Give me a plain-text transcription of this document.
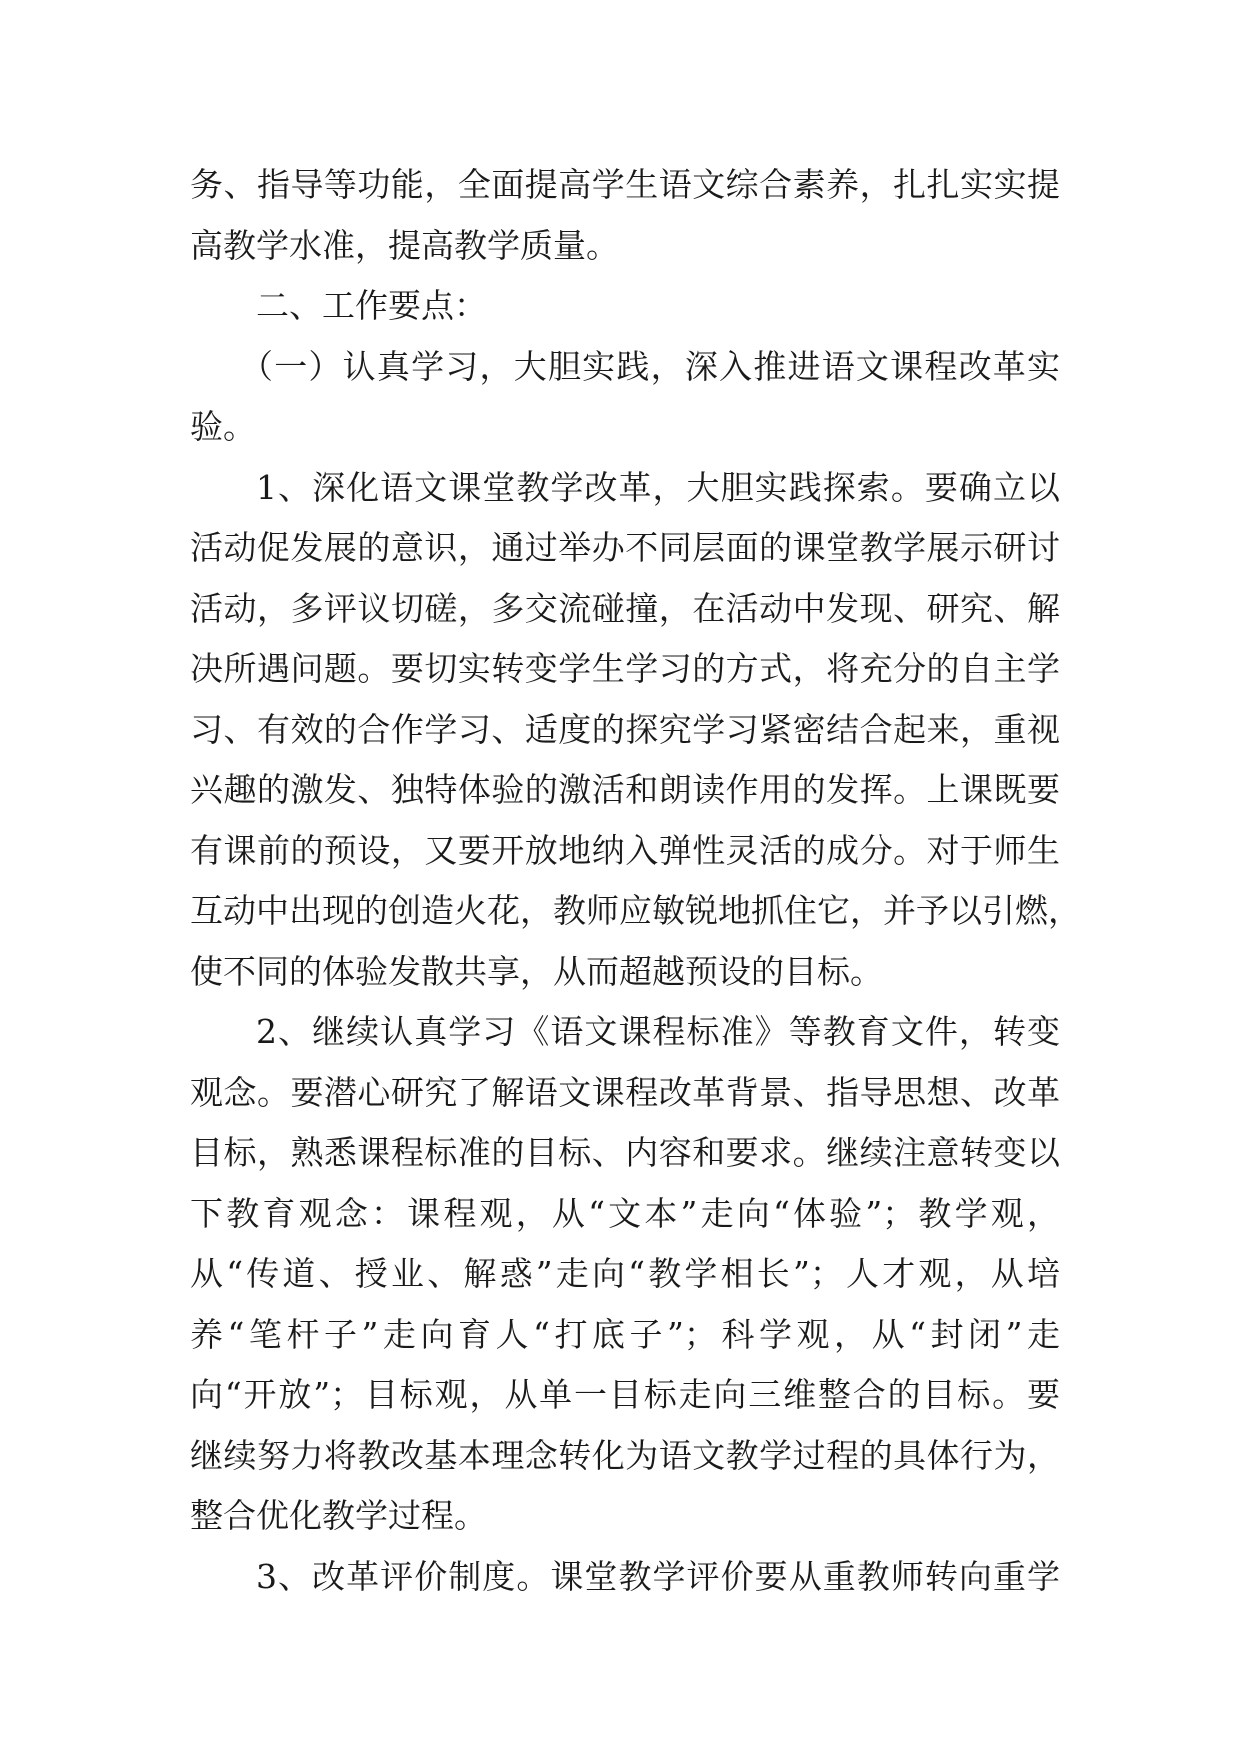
务、指导等功能，全面提高学生语文综合素养，扎扎实实提
高教学水准，提高教学质量。
二、工作要点：
（一）认真学习，大胆实践，深入推进语文课程改革实
验。
1、深化语文课堂教学改革，大胆实践探索。要确立以
活动促发展的意识，通过举办不同层面的课堂教学展示研讨
活动，多评议切磋，多交流碰撞，在活动中发现、研究、解
决所遇问题。要切实转变学生学习的方式，将充分的自主学
习、有效的合作学习、适度的探究学习紧密结合起来，重视
兴趣的激发、独特体验的激活和朗读作用的发挥。上课既要
有课前的预设，又要开放地纳入弹性灵活的成分。对于师生
互动中出现的创造火花，教师应敏锐地抓住它，并予以引燃，
使不同的体验发散共享，从而超越预设的目标。
2、继续认真学习《语文课程标准》等教育文件，转变
观念。要潜心研究了解语文课程改革背景、指导思想、改革
目标，熟悉课程标准的目标、内容和要求。继续注意转变以
下教育观念：课程观，从“文本”走向“体验”；教学观，
从“传道、授业、解惑”走向“教学相长”；人才观，从培
养“笔杆子”走向育人“打底子”；科学观，从“封闭”走
向“开放”；目标观，从单一目标走向三维整合的目标。要
继续努力将教改基本理念转化为语文教学过程的具体行为，
整合优化教学过程。
3、改革评价制度。课堂教学评价要从重教师转向重学
